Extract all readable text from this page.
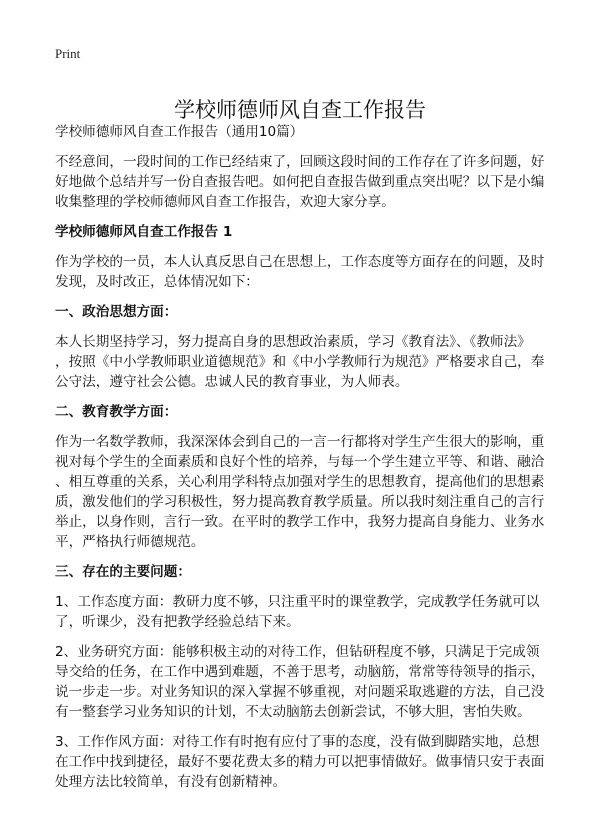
Print
学校师德师风自查工作报告
学校师德师风自查工作报告（通用10篇）
不经意间，一段时间的工作已经结束了，回顾这段时间的工作存在了许多问题，好
好地做个总结并写一份自查报告吧。如何把自查报告做到重点突出呢？以下是小编
收集整理的学校师德师风自查工作报告，欢迎大家分享。
学校师德师风自查工作报告 1
作为学校的一员，本人认真反思自己在思想上，工作态度等方面存在的问题，及时
发现，及时改正，总体情况如下：
一、政治思想方面：
本人长期坚持学习，努力提高自身的思想政治素质，学习《教育法》、《教师法》
，按照《中小学教师职业道德规范》和《中小学教师行为规范》严格要求自己，奉
公守法，遵守社会公德。忠诚人民的教育事业，为人师表。
二、教育教学方面：
作为一名数学教师，我深深体会到自己的一言一行都将对学生产生很大的影响，重
视对每个学生的全面素质和良好个性的培养，与每一个学生建立平等、和谐、融洽
、相互尊重的关系，关心利用学科特点加强对学生的思想教育，提高他们的思想素
质，激发他们的学习积极性，努力提高教育教学质量。所以我时刻注重自己的言行
举止，以身作则，言行一致。在平时的教学工作中，我努力提高自身能力、业务水
平，严格执行师德规范。
三、存在的主要问题：
1、工作态度方面：教研力度不够，只注重平时的课堂教学，完成教学任务就可以
了，听课少，没有把教学经验总结下来。
2、业务研究方面：能够积极主动的对待工作，但钻研程度不够，只满足于完成领
导交给的任务，在工作中遇到难题，不善于思考，动脑筋，常常等待领导的指示，
说一步走一步。对业务知识的深入掌握不够重视，对问题采取逃避的方法，自己没
有一整套学习业务知识的计划，不太动脑筋去创新尝试，不够大胆，害怕失败。
3、工作作风方面：对待工作有时抱有应付了事的态度，没有做到脚踏实地，总想
在工作中找到捷径，最好不要花费太多的精力可以把事情做好。做事情只安于表面
处理方法比较简单，有没有创新精神。
